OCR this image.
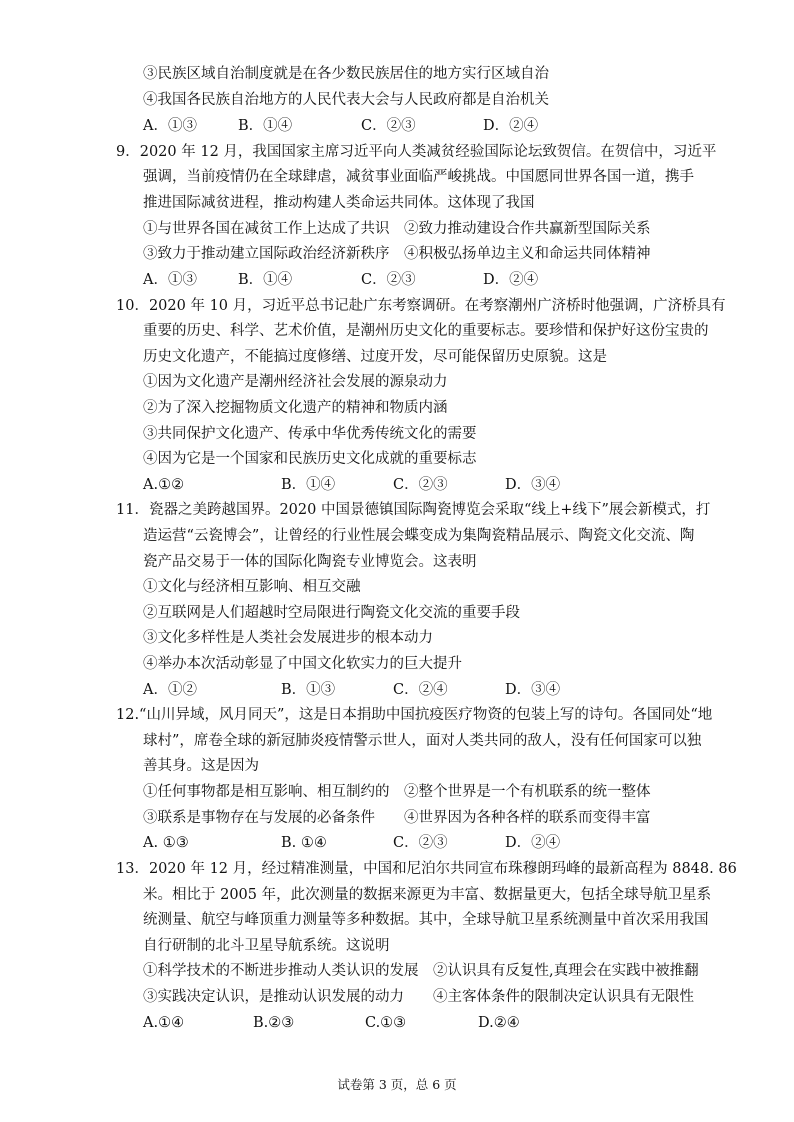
③民族区域自治制度就是在各少数民族居住的地方实行区域自治
④我国各民族自治地方的人民代表大会与人民政府都是自治机关
A．①③	B．①④	C．②③	D．②④
9．2020 年 12 月，我国国家主席习近平向人类减贫经验国际论坛致贺信。在贺信中，习近平
强调，当前疫情仍在全球肆虐，减贫事业面临严峻挑战。中国愿同世界各国一道，携手
推进国际减贫进程，推动构建人类命运共同体。这体现了我国
①与世界各国在减贫工作上达成了共识　②致力推动建设合作共赢新型国际关系
③致力于推动建立国际政治经济新秩序　④积极弘扬单边主义和命运共同体精神
A．①③	B．①④	C．②③	D．②④
10．2020 年 10 月，习近平总书记赴广东考察调研。在考察潮州广济桥时他强调，广济桥具有
重要的历史、科学、艺术价值，是潮州历史文化的重要标志。要珍惜和保护好这份宝贵的
历史文化遗产，不能搞过度修缮、过度开发，尽可能保留历史原貌。这是
①因为文化遗产是潮州经济社会发展的源泉动力
②为了深入挖掘物质文化遗产的精神和物质内涵
③共同保护文化遗产、传承中华优秀传统文化的需要
④因为它是一个国家和民族历史文化成就的重要标志
A.①②	B．①④	C．②③	D．③④
11．瓷器之美跨越国界。2020 中国景德镇国际陶瓷博览会采取“线上+线下”展会新模式，打
造运营“云瓷博会”，让曾经的行业性展会蝶变成为集陶瓷精品展示、陶瓷文化交流、陶
瓷产品交易于一体的国际化陶瓷专业博览会。这表明
①文化与经济相互影响、相互交融
②互联网是人们超越时空局限进行陶瓷文化交流的重要手段
③文化多样性是人类社会发展进步的根本动力
④举办本次活动彰显了中国文化软实力的巨大提升
A．①②	B．①③	C．②④	D．③④
12.“山川异域，风月同天”，这是日本捐助中国抗疫医疗物资的包装上写的诗句。各国同处“地
球村”，席卷全球的新冠肺炎疫情警示世人，面对人类共同的敌人，没有任何国家可以独
善其身。这是因为
①任何事物都是相互影响、相互制约的　②整个世界是一个有机联系的统一整体
③联系是事物存在与发展的必备条件　　④世界因为各种各样的联系而变得丰富
A. ①③	B. ①④	C．②③	D．②④
13．2020 年 12 月，经过精准测量，中国和尼泊尔共同宣布珠穆朗玛峰的最新高程为 8848. 86
米。相比于 2005 年，此次测量的数据来源更为丰富、数据量更大，包括全球导航卫星系
统测量、航空与峰顶重力测量等多种数据。其中，全球导航卫星系统测量中首次采用我国
自行研制的北斗卫星导航系统。这说明
①科学技术的不断进步推动人类认识的发展　②认识具有反复性,真理会在实践中被推翻
③实践决定认识，是推动认识发展的动力　　④主客体条件的限制决定认识具有无限性
A.①④	B.②③	C.①③	D.②④
试卷第 3 页，总 6 页
